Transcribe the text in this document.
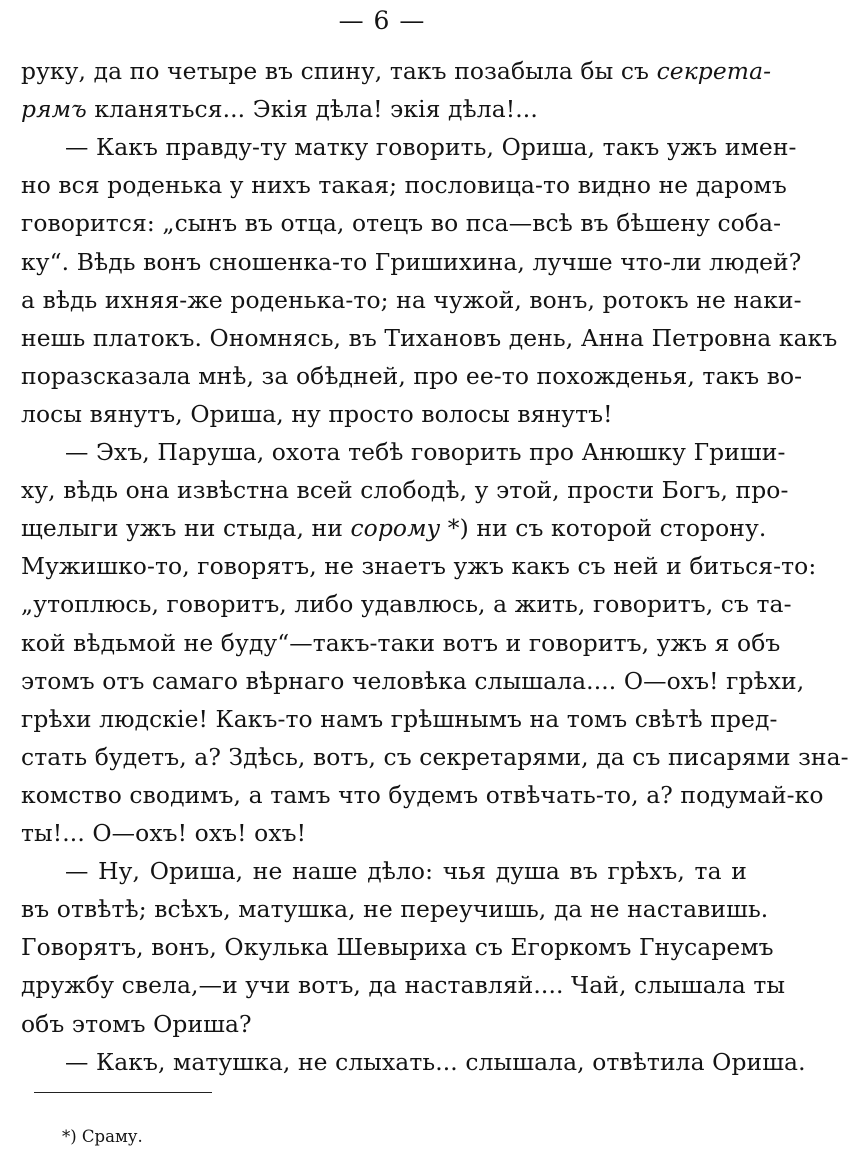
— 6 —
руку, да по четыре въ спину, такъ позабыла бы съ секрета-
рямъ кланяться... Экія дѣла! экія дѣла!...
— Какъ правду-ту матку говорить, Ориша, такъ ужъ имен-
но вся роденька у нихъ такая; пословица-то видно не даромъ
говорится: „сынъ въ отца, отецъ во пса—всѣ въ бѣшену соба-
ку“. Вѣдь вонъ сношенка-то Гришихина, лучше что-ли людей?
а вѣдь ихняя-же роденька-то; на чужой, вонъ, ротокъ не наки-
нешь платокъ. Ономнясь, въ Тихановъ день, Анна Петровна какъ
поразсказала мнѣ, за обѣдней, про ее-то похожденья, такъ во-
лосы вянутъ, Ориша, ну просто волосы вянутъ!
— Эхъ, Паруша, охота тебѣ говорить про Анюшку Гриши-
ху, вѣдь она извѣстна всей слободѣ, у этой, прости Богъ, про-
щелыги ужъ ни стыда, ни сорому *) ни съ которой сторону.
Мужишко-то, говорятъ, не знаетъ ужъ какъ съ ней и биться-то:
„утоплюсь, говоритъ, либо удавлюсь, а жить, говоритъ, съ та-
кой вѣдьмой не буду“—такъ-таки вотъ и говоритъ, ужъ я объ
этомъ отъ самаго вѣрнаго человѣка слышала.... О—охъ! грѣхи,
грѣхи людскіе! Какъ-то намъ грѣшнымъ на томъ свѣтѣ пред-
стать будетъ, а? Здѣсь, вотъ, съ секретарями, да съ писарями зна-
комство сводимъ, а тамъ что будемъ отвѣчать-то, а? подумай-ко
ты!... О—охъ! охъ! охъ!
— Ну, Ориша, не наше дѣло: чья душа въ грѣхъ, та и
въ отвѣтѣ; всѣхъ, матушка, не переучишь, да не наставишь.
Говорятъ, вонъ, Окулька Шевыриха съ Егоркомъ Гнусаремъ
дружбу свела,—и учи вотъ, да наставляй.... Чай, слышала ты
объ этомъ Ориша?
— Какъ, матушка, не слыхать... слышала, отвѣтила Ориша.
*) Сраму.
